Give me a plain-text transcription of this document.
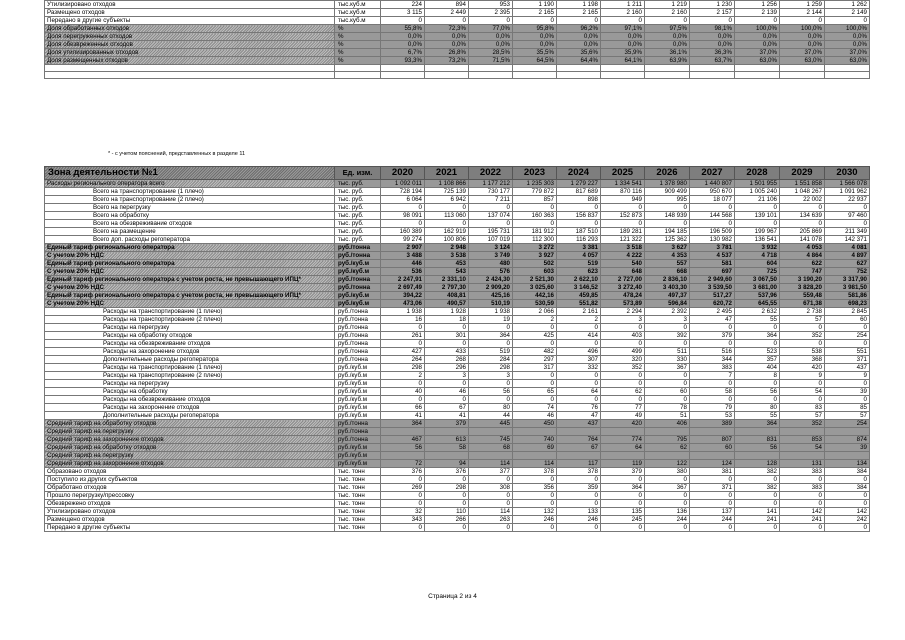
Утилизировано отходов	тыс.куб.м	224	894	953	1 190	1 198	1 211	1 219	1 230	1 256	1 259	1 262
Размещено отходов	тыс.куб.м	3 115	2 449	2 395	2 165	2 165	2 160	2 160	2 157	2 139	2 144	2 149
Передано в другие субъекты	тыс.куб.м	0	0	0	0	0	0	0	0	0	0	0
Доля обработанных отходов	%	55,8%	72,3%	77,0%	95,8%	96,2%	97,1%	97,5%	98,1%	100,0%	100,0%	100,0%
Доля перегруженных отходов	%	0,0%	0,0%	0,0%	0,0%	0,0%	0,0%	0,0%	0,0%	0,0%	0,0%	0,0%
Доля обезвреженных отходов	%	0,0%	0,0%	0,0%	0,0%	0,0%	0,0%	0,0%	0,0%	0,0%	0,0%	0,0%
Доля утилизированных отходов	%	6,7%	26,8%	28,5%	35,5%	35,6%	35,9%	36,1%	36,3%	37,0%	37,0%	37,0%
Доля размещенных отходов	%	93,3%	73,2%	71,5%	64,5%	64,4%	64,1%	63,9%	63,7%	63,0%	63,0%	63,0%

* - с учетом пояснений, представленных в разделе 11
Зона деятельности №1	Ед. изм.	2020	2021	2022	2023	2024	2025	2026	2027	2028	2029	2030
Расходы регионального оператора всего	тыс. руб.	1 092 011	1 108 866	1 177 212	1 235 303	1 279 227	1 334 541	1 378 980	1 440 807	1 501 955	1 551 858	1 566 078
Всего на транспортирование (1 плечо)	тыс. руб.	728 194	725 139	730 177	779 872	817 689	870 116	909 499	950 670	1 005 240	1 048 267	1 091 962
Всего на транспортирование (2 плечо)	тыс. руб.	6 064	6 942	7 211	857	898	949	995	18 077	21 106	22 002	22 937
Всего на перегрузку	тыс. руб.	0	0	0	0	0	0	0	0	0	0	0
Всего на обработку	тыс. руб.	98 091	113 060	137 074	160 363	156 837	152 873	148 939	144 568	139 101	134 639	97 460
Всего на обезвреживание отходов	тыс. руб.	0	0	0	0	0	0	0	0	0	0	0
Всего на размещение	тыс. руб.	160 389	162 919	195 731	181 912	187 510	189 281	194 185	196 509	199 967	205 869	211 349
Всего доп. расходы регоператора	тыс. руб.	99 274	100 806	107 019	112 300	116 293	121 322	125 362	130 982	136 541	141 078	142 371
Единый тариф регионального оператора	руб./тонна	2 907	2 948	3 124	3 272	3 381	3 518	3 627	3 781	3 932	4 053	4 081
С учетом 20% НДС	руб./тонна	3 488	3 538	3 749	3 927	4 057	4 222	4 353	4 537	4 718	4 864	4 897
Единый тариф регионального оператора	руб./куб.м	446	453	480	502	519	540	557	581	604	622	627
С учетом 20% НДС	руб./куб.м	536	543	576	603	623	648	668	697	725	747	752
Единый тариф регионального оператора с учетом роста, не превышающего ИПЦ*	руб./тонна	2 247,91	2 331,10	2 424,30	2 521,30	2 622,10	2 727,00	2 836,10	2 949,60	3 067,50	3 190,20	3 317,90
С учетом 20% НДС	руб./тонна	2 697,49	2 797,30	2 909,20	3 025,60	3 146,52	3 272,40	3 403,30	3 539,50	3 681,00	3 828,20	3 981,50
Единый тариф регионального оператора с учетом роста, не превышающего ИПЦ*	руб./куб.м	394,22	408,81	425,16	442,16	459,85	478,24	497,37	517,27	537,96	559,48	581,86
С учетом 20% НДС	руб./куб.м	473,06	490,57	510,19	530,59	551,82	573,89	596,84	620,72	645,55	671,38	698,23
Расходы на транспортирование (1 плечо)	руб./тонна	1 938	1 928	1 938	2 066	2 161	2 294	2 392	2 495	2 632	2 738	2 845
Расходы на транспортирование (2 плечо)	руб./тонна	16	18	19	2	2	3	3	47	55	57	60
Расходы на перегрузку	руб./тонна	0	0	0	0	0	0	0	0	0	0	0
Расходы на обработку отходов	руб./тонна	261	301	364	425	414	403	392	379	364	352	254
Расходы на обезвреживание отходов	руб./тонна	0	0	0	0	0	0	0	0	0	0	0
Расходы на захоронение отходов	руб./тонна	427	433	519	482	496	499	511	516	523	538	551
Дополнительные расходы регоператора	руб./тонна	264	268	284	297	307	320	330	344	357	368	371
Расходы на транспортирование (1 плечо)	руб./куб.м	298	296	298	317	332	352	367	383	404	420	437
Расходы на транспортирование (2 плечо)	руб./куб.м	2	3	3	0	0	0	0	7	8	9	9
Расходы на перегрузку	руб./куб.м	0	0	0	0	0	0	0	0	0	0	0
Расходы на обработку	руб./куб.м	40	46	56	65	64	62	60	58	56	54	39
Расходы на обезвреживание отходов	руб./куб.м	0	0	0	0	0	0	0	0	0	0	0
Расходы на захоронение отходов	руб./куб.м	66	67	80	74	76	77	78	79	80	83	85
Дополнительные расходы регоператора	руб./куб.м	41	41	44	46	47	49	51	53	55	57	57
Средний тариф на обработку отходов	руб./тонна	364	379	445	450	437	420	406	389	364	352	254
Средний тариф на перегрузку	руб./тонна											
Средний тариф на захоронение отходов	руб./тонна	467	613	745	740	764	774	795	807	831	853	874
Средний тариф на обработку отходов	руб./куб.м	56	58	68	69	67	64	62	60	56	54	39
Средний тариф на перегрузку	руб./куб.м											
Средний тариф на захоронение отходов	руб./куб.м	72	94	114	114	117	119	122	124	128	131	134
Образовано отходов	тыс. тонн	376	376	377	378	378	379	380	381	382	383	384
Поступило из других субъектов	тыс. тонн	0	0	0	0	0	0	0	0	0	0	0
Обработано отходов	тыс. тонн	269	298	308	356	359	364	367	371	382	383	384
Прошло перегрузку/прессовку	тыс. тонн	0	0	0	0	0	0	0	0	0	0	0
Обезврежено отходов	тыс. тонн	0	0	0	0	0	0	0	0	0	0	0
Утилизировано отходов	тыс. тонн	32	110	114	132	133	135	136	137	141	142	142
Размещено отходов	тыс. тонн	343	266	263	246	246	245	244	244	241	241	242
Передано в другие субъекты	тыс. тонн	0	0	0	0	0	0	0	0	0	0	0
Страница 2 из 4
